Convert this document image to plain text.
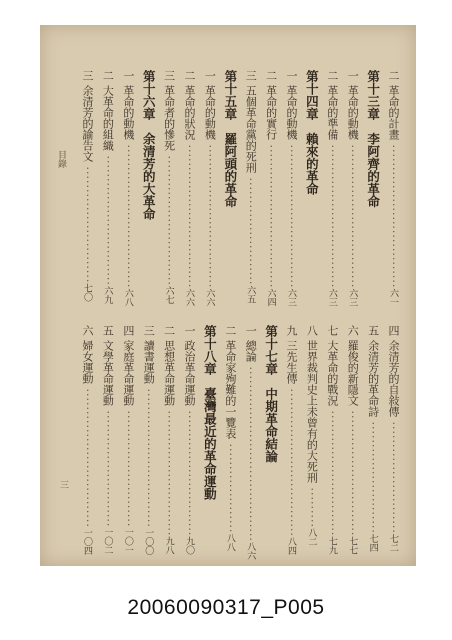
二革命的計畫 ································六一
第十三章　李阿齊的革命
一革命的動機 ································六三
二革命的準備 ································六三
第十四章　賴來的革命
一革命的動機 ································六三
二革命的實行 ································六四
三五個革命黨的死刑 ························六五
第十五章　羅阿頭的革命
一革命的動機 ································六六
二革命的狀況 ································六六
三革命者的慘死 ·····························六七
第十六章　余清芳的大革命
一革命的動機 ································六八
二大革命的組織 ·····························六九
三余清芳的諭告文 ··························七〇
四余清芳的自敍傳 ·························七二
五余清芳的革命詩 ·························七四
六羅俊的新隱文 ····························七七
七大革命的戰況 ····························七九
八世界裁判史上未曾有的大死刑 ·········八二
九三先生傳 ·································八四
第十七章　中期革命結論
一總論 ·······································八六
二革命家殉難的一覽表 ····················八八
第十八章　臺灣最近的革命運動
一政治革命運動 ····························九〇
二思想革命運動 ····························九八
三讀書運動 ·······························一〇〇
四家庭革命運動 ··························一〇一
五文學革命運動 ··························一〇二
六婦女運動 ·······························一〇四
目錄
三
20060090317_P005
